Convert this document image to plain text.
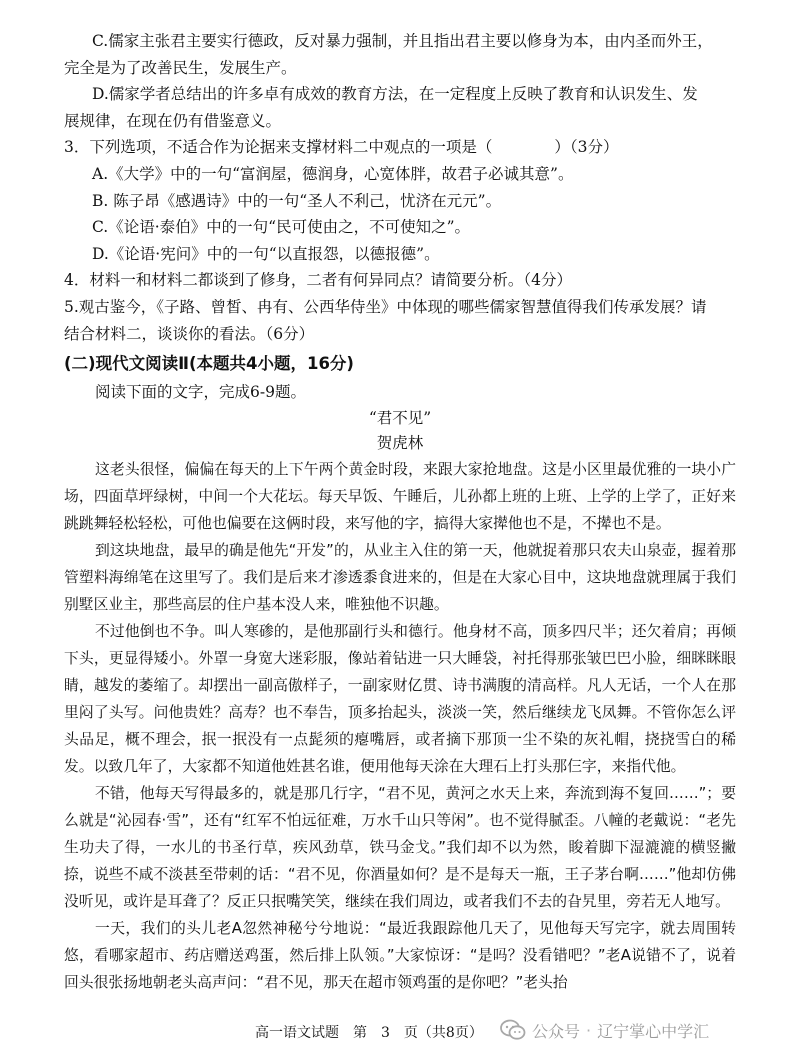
C.儒家主张君主要实行德政，反对暴力强制，并且指出君主要以修身为本，由内圣而外王，

完全是为了改善民生，发展生产。

D.儒家学者总结出的许多卓有成效的教育方法，在一定程度上反映了教育和认识发生、发

展规律，在现在仍有借鉴意义。

3．下列选项，不适合作为论据来支撑材料二中观点的一项是（　　　　）（3分）

A.《大学》中的一句“富润屋，德润身，心宽体胖，故君子必诚其意”。

B. 陈子昂《感遇诗》中的一句“圣人不利己，忧济在元元”。

C.《论语·泰伯》中的一句“民可使由之，不可使知之”。

D.《论语·宪问》中的一句“以直报怨，以德报德”。

4．材料一和材料二都谈到了修身，二者有何异同点？请简要分析。（4分）

5.观古鉴今，《子路、曾皙、冉有、公西华侍坐》中体现的哪些儒家智慧值得我们传承发展？请

结合材料二，谈谈你的看法。（6分）

(二)现代文阅读Ⅱ(本题共4小题，16分)

阅读下面的文字，完成6-9题。

“君不见”

贺虎林

这老头很怪，偏偏在每天的上下午两个黄金时段，来跟大家抢地盘。这是小区里最优雅的一块小广场，四面草坪绿树，中间一个大花坛。每天早饭、午睡后，儿孙都上班的上班、上学的上学了，正好来跳跳舞轻松轻松，可他也偏要在这俩时段，来写他的字，搞得大家撵他也不是，不撵也不是。

到这块地盘，最早的确是他先“开发”的，从业主入住的第一天，他就捉着那只农夫山泉壶，握着那管塑料海绵笔在这里写了。我们是后来才渗透黍食进来的，但是在大家心目中，这块地盘就理属于我们别墅区业主，那些高层的住户基本没人来，唯独他不识趣。

不过他倒也不争。叫人寒碜的，是他那副行头和德行。他身材不高，顶多四尺半；还欠着肩；再倾下头，更显得矮小。外罩一身宽大迷彩服，像站着钻进一只大睡袋，衬托得那张皱巴巴小脸，细眯眯眼睛，越发的萎缩了。却摆出一副高傲样子，一副家财亿贯、诗书满腹的清高样。凡人无话，一个人在那里闷了头写。问他贵姓？高寿？也不奉告，顶多抬起头，淡淡一笑，然后继续龙飞凤舞。不管你怎么评头品足，概不理会，抿一抿没有一点髭须的瘪嘴唇，或者摘下那顶一尘不染的灰礼帽，挠挠雪白的稀发。以致几年了，大家都不知道他姓甚名谁，便用他每天涂在大理石上打头那仨字，来指代他。

不错，他每天写得最多的，就是那几行字，“君不见，黄河之水天上来，奔流到海不复回……”；要么就是“沁园春·雪”，还有“红军不怕远征难，万水千山只等闲”。也不觉得腻歪。八幢的老戴说：“老先生功夫了得，一水儿的书圣行草，疾风劲草，铁马金戈。”我们却不以为然，睃着脚下湿漉漉的横竖撇捺，说些不咸不淡甚至带刺的话：“君不见，你酒量如何？是不是每天一瓶，王子茅台啊……”他却仿佛没听见，或许是耳聋了？反正只抿嘴笑笑，继续在我们周边，或者我们不去的旮旯里，旁若无人地写。

一天，我们的头儿老A忽然神秘兮兮地说：“最近我跟踪他几天了，见他每天写完字，就去周围转悠，看哪家超市、药店赠送鸡蛋，然后排上队领。”大家惊讶：“是吗？没看错吧？”老A说错不了，说着回头很张扬地朝老头高声问：“君不见，那天在超市领鸡蛋的是你吧？”老头抬

高一语文试题　第　3　页（共8页）	公众号 · 辽宁掌心中学汇
